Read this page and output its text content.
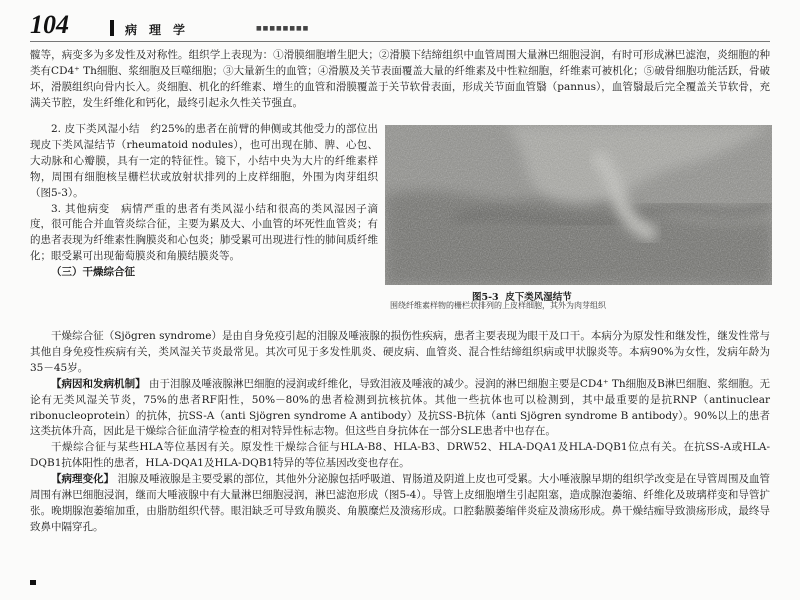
104	病理学	■■■■■■■■

髋等，病变多为多发性及对称性。组织学上表现为：①滑膜细胞增生肥大；②滑膜下结缔组织中血管周围大量淋巴细胞浸润，有时可形成淋巴滤泡，炎细胞的种类有CD4⁺ Th细胞、浆细胞及巨噬细胞；③大量新生的血管；④滑膜及关节表面覆盖大量的纤维素及中性粒细胞，纤维素可被机化；⑤破骨细胞功能活跃，骨破坏，滑膜组织向骨内长入。炎细胞、机化的纤维素、增生的血管和滑膜覆盖于关节软骨表面，形成关节面血管翳（pannus），血管翳最后完全覆盖关节软骨，充满关节腔，发生纤维化和钙化，最终引起永久性关节强直。

2. 皮下类风湿小结　约25%的患者在前臂的伸侧或其他受力的部位出现皮下类风湿结节（rheumatoid nodules），也可出现在肺、脾、心包、大动脉和心瓣膜，具有一定的特征性。镜下，小结中央为大片的纤维素样物，周围有细胞核呈栅栏状或放射状排列的上皮样细胞，外围为肉芽组织（图5-3）。

3. 其他病变　病情严重的患者有类风湿小结和很高的类风湿因子滴度，很可能合并血管炎综合征，主要为累及大、小血管的坏死性血管炎；有的患者表现为纤维素性胸膜炎和心包炎；肺受累可出现进行性的肺间质纤维化；眼受累可出现葡萄膜炎和角膜结膜炎等。

（三）干燥综合征

图5-3 皮下类风湿结节
围绕纤维素样物的栅栏状排列的上皮样细胞，其外为肉芽组织

干燥综合征（Sjögren syndrome）是由自身免疫引起的泪腺及唾液腺的损伤性疾病，患者主要表现为眼干及口干。本病分为原发性和继发性，继发性常与其他自身免疫性疾病有关，类风湿关节炎最常见。其次可见于多发性肌炎、硬皮病、血管炎、混合性结缔组织病或甲状腺炎等。本病90%为女性，发病年龄为35－45岁。

【病因和发病机制】 由于泪腺及唾液腺淋巴细胞的浸润或纤维化，导致泪液及唾液的减少。浸润的淋巴细胞主要是CD4⁺ Th细胞及B淋巴细胞、浆细胞。无论有无类风湿关节炎，75%的患者RF阳性，50%－80%的患者检测到抗核抗体。其他一些抗体也可以检测到，其中最重要的是抗RNP（antinuclear ribonucleoprotein）的抗体，抗SS-A（anti Sjögren syndrome A antibody）及抗SS-B抗体（anti Sjögren syndrome B antibody）。90%以上的患者这类抗体升高，因此是干燥综合征血清学检查的相对特异性标志物。但这些自身抗体在一部分SLE患者中也存在。

干燥综合征与某些HLA等位基因有关。原发性干燥综合征与HLA-B8、HLA-B3、DRW52、HLA-DQA1及HLA-DQB1位点有关。在抗SS-A或HLA-DQB1抗体阳性的患者，HLA-DQA1及HLA-DQB1特异的等位基因改变也存在。

【病理变化】 泪腺及唾液腺是主要受累的部位，其他外分泌腺包括呼吸道、胃肠道及阴道上皮也可受累。大小唾液腺早期的组织学改变是在导管周围及血管周围有淋巴细胞浸润，继而大唾液腺中有大量淋巴细胞浸润，淋巴滤泡形成（图5-4）。导管上皮细胞增生引起阻塞，造成腺泡萎缩、纤维化及玻璃样变和导管扩张。晚期腺泡萎缩加重，由脂肪组织代替。眼泪缺乏可导致角膜炎、角膜糜烂及溃疡形成。口腔黏膜萎缩伴炎症及溃疡形成。鼻干燥结痂导致溃疡形成，最终导致鼻中隔穿孔。
